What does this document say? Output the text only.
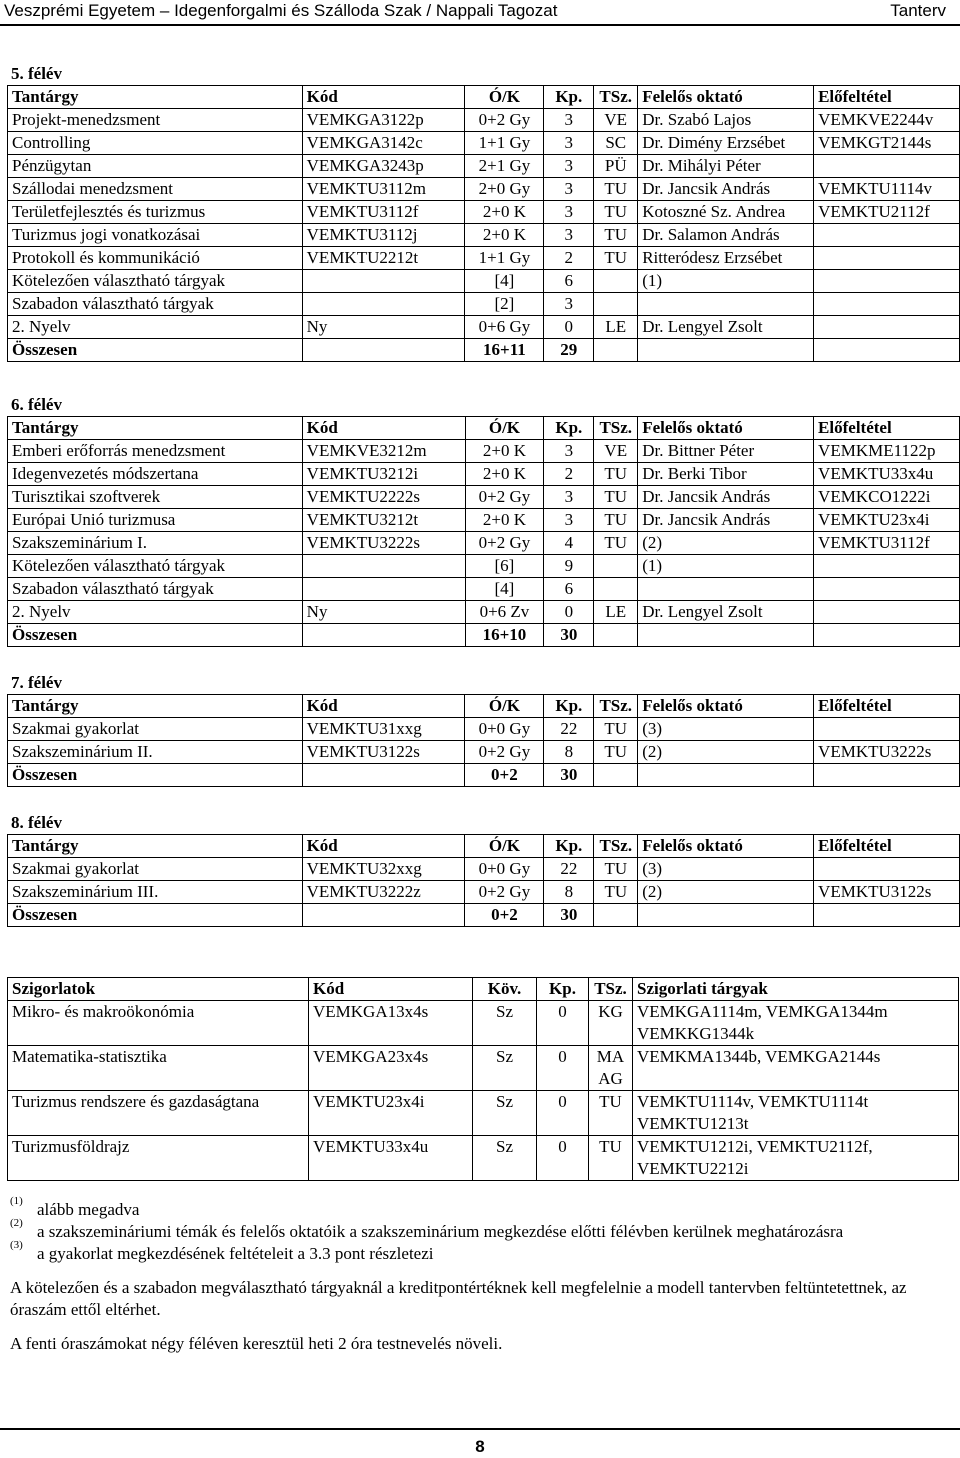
Veszprémi Egyetem – Idegenforgalmi és Szálloda Szak / Nappali Tagozat	Tanterv
5. félév
Tantárgy	Kód	Ó/K	Kp.	TSz.	Felelős oktató	Előfeltétel
Projekt-menedzsment	VEMKGA3122p	0+2 Gy	3	VE	Dr. Szabó Lajos	VEMKVE2244v
Controlling	VEMKGA3142c	1+1 Gy	3	SC	Dr. Dimény Erzsébet	VEMKGT2144s
Pénzügytan	VEMKGA3243p	2+1 Gy	3	PÜ	Dr. Mihályi Péter	
Szállodai menedzsment	VEMKTU3112m	2+0 Gy	3	TU	Dr. Jancsik András	VEMKTU1114v
Területfejlesztés és turizmus	VEMKTU3112f	2+0 K	3	TU	Kotoszné Sz. Andrea	VEMKTU2112f
Turizmus jogi vonatkozásai	VEMKTU3112j	2+0 K	3	TU	Dr. Salamon András	
Protokoll és kommunikáció	VEMKTU2212t	1+1 Gy	2	TU	Ritteródesz Erzsébet	
Kötelezően választható tárgyak		[4]	6		(1)	
Szabadon választható tárgyak		[2]	3			
2. Nyelv	Ny	0+6 Gy	0	LE	Dr. Lengyel Zsolt	
Összesen		16+11	29			
6. félév
Tantárgy	Kód	Ó/K	Kp.	TSz.	Felelős oktató	Előfeltétel
Emberi erőforrás menedzsment	VEMKVE3212m	2+0 K	3	VE	Dr. Bittner Péter	VEMKME1122p
Idegenvezetés módszertana	VEMKTU3212i	2+0 K	2	TU	Dr. Berki Tibor	VEMKTU33x4u
Turisztikai szoftverek	VEMKTU2222s	0+2 Gy	3	TU	Dr. Jancsik András	VEMKCO1222i
Európai Unió turizmusa	VEMKTU3212t	2+0 K	3	TU	Dr. Jancsik András	VEMKTU23x4i
Szakszeminárium I.	VEMKTU3222s	0+2 Gy	4	TU	(2)	VEMKTU3112f
Kötelezően választható tárgyak		[6]	9		(1)	
Szabadon választható tárgyak		[4]	6			
2. Nyelv	Ny	0+6 Zv	0	LE	Dr. Lengyel Zsolt	
Összesen		16+10	30			
7. félév
Tantárgy	Kód	Ó/K	Kp.	TSz.	Felelős oktató	Előfeltétel
Szakmai gyakorlat	VEMKTU31xxg	0+0 Gy	22	TU	(3)	
Szakszeminárium II.	VEMKTU3122s	0+2 Gy	8	TU	(2)	VEMKTU3222s
Összesen		0+2	30			
8. félév
Tantárgy	Kód	Ó/K	Kp.	TSz.	Felelős oktató	Előfeltétel
Szakmai gyakorlat	VEMKTU32xxg	0+0 Gy	22	TU	(3)	
Szakszeminárium III.	VEMKTU3222z	0+2 Gy	8	TU	(2)	VEMKTU3122s
Összesen		0+2	30			
Szigorlatok	Kód	Köv.	Kp.	TSz.	Szigorlati tárgyak
Mikro- és makroökonómia	VEMKGA13x4s	Sz	0	KG	VEMKGA1114m, VEMKGA1344m VEMKKG1344k
Matematika-statisztika	VEMKGA23x4s	Sz	0	MA AG	VEMKMA1344b, VEMKGA2144s
Turizmus rendszere és gazdaságtana	VEMKTU23x4i	Sz	0	TU	VEMKTU1114v, VEMKTU1114t VEMKTU1213t
Turizmusföldrajz	VEMKTU33x4u	Sz	0	TU	VEMKTU1212i, VEMKTU2112f, VEMKTU2212i
(1) alább megadva
(2) a szakszemináriumi témák és felelős oktatóik a szakszeminárium megkezdése előtti félévben kerülnek meghatározásra
(3) a gyakorlat megkezdésének feltételeit a 3.3 pont részletezi
A kötelezően és a szabadon megválasztható tárgyaknál a kreditpontértéknek kell megfelelnie a modell tantervben feltüntetettnek, az óraszám ettől eltérhet.
A fenti óraszámokat négy féléven keresztül heti 2 óra testnevelés növeli.
8
